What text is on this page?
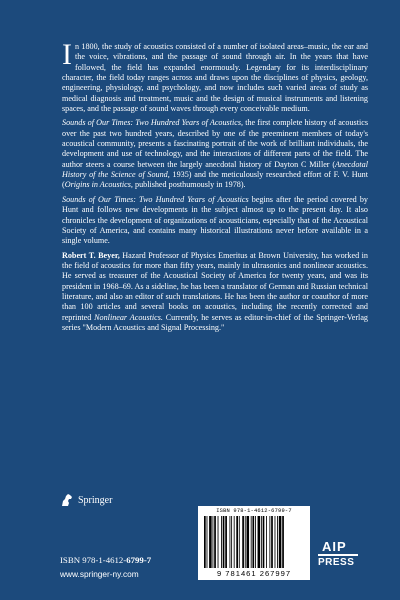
In 1800, the study of acoustics consisted of a number of isolated areas–music, the ear and the voice, vibrations, and the passage of sound through air. In the years that have followed, the field has expanded enormously. Legendary for its interdisciplinary character, the field today ranges across and draws upon the disciplines of physics, geology, engineering, physiology, and psychology, and now includes such varied areas of study as medical diagnosis and treatment, music and the design of musical instruments and listening spaces, and the passage of sound waves through every conceivable medium.

Sounds of Our Times: Two Hundred Years of Acoustics, the first complete history of acoustics over the past two hundred years, described by one of the preeminent members of today's acoustical community, presents a fascinating portrait of the work of brilliant individuals, the development and use of technology, and the interactions of different parts of the field. The author steers a course between the largely anecdotal history of Dayton C Miller (Anecdotal History of the Science of Sound, 1935) and the meticulously researched effort of F. V. Hunt (Origins in Acoustics, published posthumously in 1978).

Sounds of Our Times: Two Hundred Years of Acoustics begins after the period covered by Hunt and follows new developments in the subject almost up to the present day. It also chronicles the development of organizations of acousticians, especially that of the Acoustical Society of America, and contains many historical illustrations never before available in a single volume.

Robert T. Beyer, Hazard Professor of Physics Emeritus at Brown University, has worked in the field of acoustics for more than fifty years, mainly in ultrasonics and nonlinear acoustics. He served as treasurer of the Acoustical Society of America for twenty years, and was its president in 1968–69. As a sideline, he has been a translator of German and Russian technical literature, and also an editor of such translations. He has been the author or coauthor of more than 100 articles and several books on acoustics, including the recently corrected and reprinted Nonlinear Acoustics. Currently, he serves as editor-in-chief of the Springer-Verlag series "Modern Acoustics and Signal Processing."

Springer
ISBN 978-1-4612-6799-7
www.springer-ny.com
ISBN 978-1-4612-6799-7
9 781461 267997
AIP
PRESS
